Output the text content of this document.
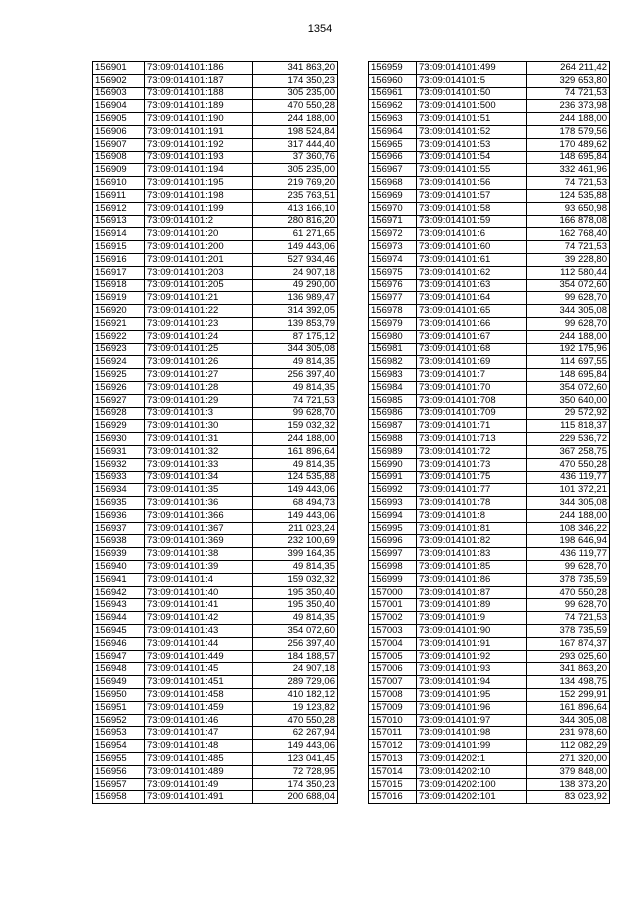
1354
156901	73:09:014101:186	341 863,20
156902	73:09:014101:187	174 350,23
156903	73:09:014101:188	305 235,00
156904	73:09:014101:189	470 550,28
156905	73:09:014101:190	244 188,00
156906	73:09:014101:191	198 524,84
156907	73:09:014101:192	317 444,40
156908	73:09:014101:193	37 360,76
156909	73:09:014101:194	305 235,00
156910	73:09:014101:195	219 769,20
156911	73:09:014101:198	235 763,51
156912	73:09:014101:199	413 166,10
156913	73:09:014101:2	280 816,20
156914	73:09:014101:20	61 271,65
156915	73:09:014101:200	149 443,06
156916	73:09:014101:201	527 934,46
156917	73:09:014101:203	24 907,18
156918	73:09:014101:205	49 290,00
156919	73:09:014101:21	136 989,47
156920	73:09:014101:22	314 392,05
156921	73:09:014101:23	139 853,79
156922	73:09:014101:24	87 175,12
156923	73:09:014101:25	344 305,08
156924	73:09:014101:26	49 814,35
156925	73:09:014101:27	256 397,40
156926	73:09:014101:28	49 814,35
156927	73:09:014101:29	74 721,53
156928	73:09:014101:3	99 628,70
156929	73:09:014101:30	159 032,32
156930	73:09:014101:31	244 188,00
156931	73:09:014101:32	161 896,64
156932	73:09:014101:33	49 814,35
156933	73:09:014101:34	124 535,88
156934	73:09:014101:35	149 443,06
156935	73:09:014101:36	68 494,73
156936	73:09:014101:366	149 443,06
156937	73:09:014101:367	211 023,24
156938	73:09:014101:369	232 100,69
156939	73:09:014101:38	399 164,35
156940	73:09:014101:39	49 814,35
156941	73:09:014101:4	159 032,32
156942	73:09:014101:40	195 350,40
156943	73:09:014101:41	195 350,40
156944	73:09:014101:42	49 814,35
156945	73:09:014101:43	354 072,60
156946	73:09:014101:44	256 397,40
156947	73:09:014101:449	184 188,57
156948	73:09:014101:45	24 907,18
156949	73:09:014101:451	289 729,06
156950	73:09:014101:458	410 182,12
156951	73:09:014101:459	19 123,82
156952	73:09:014101:46	470 550,28
156953	73:09:014101:47	62 267,94
156954	73:09:014101:48	149 443,06
156955	73:09:014101:485	123 041,45
156956	73:09:014101:489	72 728,95
156957	73:09:014101:49	174 350,23
156958	73:09:014101:491	200 688,04
156959	73:09:014101:499	264 211,42
156960	73:09:014101:5	329 653,80
156961	73:09:014101:50	74 721,53
156962	73:09:014101:500	236 373,98
156963	73:09:014101:51	244 188,00
156964	73:09:014101:52	178 579,56
156965	73:09:014101:53	170 489,62
156966	73:09:014101:54	148 695,84
156967	73:09:014101:55	332 461,96
156968	73:09:014101:56	74 721,53
156969	73:09:014101:57	124 535,88
156970	73:09:014101:58	93 650,98
156971	73:09:014101:59	166 878,08
156972	73:09:014101:6	162 768,40
156973	73:09:014101:60	74 721,53
156974	73:09:014101:61	39 228,80
156975	73:09:014101:62	112 580,44
156976	73:09:014101:63	354 072,60
156977	73:09:014101:64	99 628,70
156978	73:09:014101:65	344 305,08
156979	73:09:014101:66	99 628,70
156980	73:09:014101:67	244 188,00
156981	73:09:014101:68	192 175,96
156982	73:09:014101:69	114 697,55
156983	73:09:014101:7	148 695,84
156984	73:09:014101:70	354 072,60
156985	73:09:014101:708	350 640,00
156986	73:09:014101:709	29 572,92
156987	73:09:014101:71	115 818,37
156988	73:09:014101:713	229 536,72
156989	73:09:014101:72	367 258,75
156990	73:09:014101:73	470 550,28
156991	73:09:014101:75	436 119,77
156992	73:09:014101:77	101 372,21
156993	73:09:014101:78	344 305,08
156994	73:09:014101:8	244 188,00
156995	73:09:014101:81	108 346,22
156996	73:09:014101:82	198 646,94
156997	73:09:014101:83	436 119,77
156998	73:09:014101:85	99 628,70
156999	73:09:014101:86	378 735,59
157000	73:09:014101:87	470 550,28
157001	73:09:014101:89	99 628,70
157002	73:09:014101:9	74 721,53
157003	73:09:014101:90	378 735,59
157004	73:09:014101:91	167 874,37
157005	73:09:014101:92	293 025,60
157006	73:09:014101:93	341 863,20
157007	73:09:014101:94	134 498,75
157008	73:09:014101:95	152 299,91
157009	73:09:014101:96	161 896,64
157010	73:09:014101:97	344 305,08
157011	73:09:014101:98	231 978,60
157012	73:09:014101:99	112 082,29
157013	73:09:014202:1	271 320,00
157014	73:09:014202:10	379 848,00
157015	73:09:014202:100	138 373,20
157016	73:09:014202:101	83 023,92
